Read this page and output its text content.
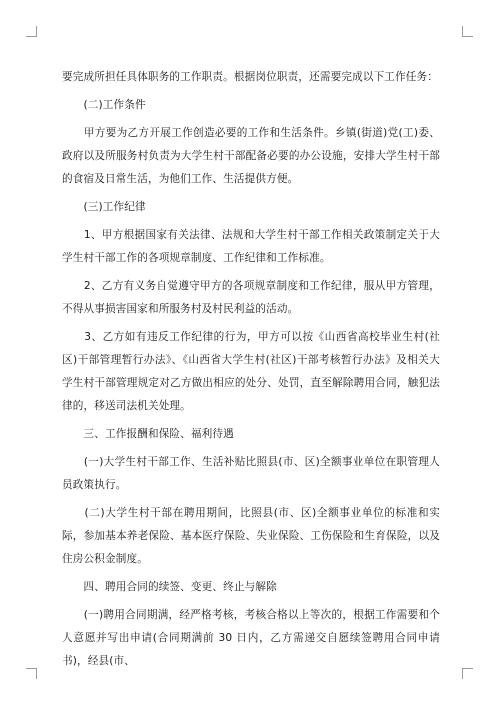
要完成所担任具体职务的工作职责。根据岗位职责，还需要完成以下工作任务：

　　(二)工作条件

　　甲方要为乙方开展工作创造必要的工作和生活条件。乡镇(街道)党(工)委、政府以及所服务村负责为大学生村干部配备必要的办公设施，安排大学生村干部的食宿及日常生活，为他们工作、生活提供方便。

　　(三)工作纪律

　　1、甲方根据国家有关法律、法规和大学生村干部工作相关政策制定关于大学生村干部工作的各项规章制度、工作纪律和工作标准。

　　2、乙方有义务自觉遵守甲方的各项规章制度和工作纪律，服从甲方管理，不得从事损害国家和所服务村及村民利益的活动。

　　3、乙方如有违反工作纪律的行为，甲方可以按《山西省高校毕业生村(社区)干部管理暂行办法》、《山西省大学生村(社区)干部考核暂行办法》及相关大学生村干部管理规定对乙方做出相应的处分、处罚，直至解除聘用合同，触犯法律的，移送司法机关处理。

　　三、工作报酬和保险、福利待遇

　　(一)大学生村干部工作、生活补贴比照县(市、区)全额事业单位在职管理人员政策执行。

　　(二)大学生村干部在聘用期间，比照县(市、区)全额事业单位的标准和实际，参加基本养老保险、基本医疗保险、失业保险、工伤保险和生育保险，以及住房公积金制度。

　　四、聘用合同的续签、变更、终止与解除

　　(一)聘用合同期满，经严格考核，考核合格以上等次的，根据工作需要和个人意愿并写出申请(合同期满前 30 日内，乙方需递交自愿续签聘用合同申请书)，经县(市、
